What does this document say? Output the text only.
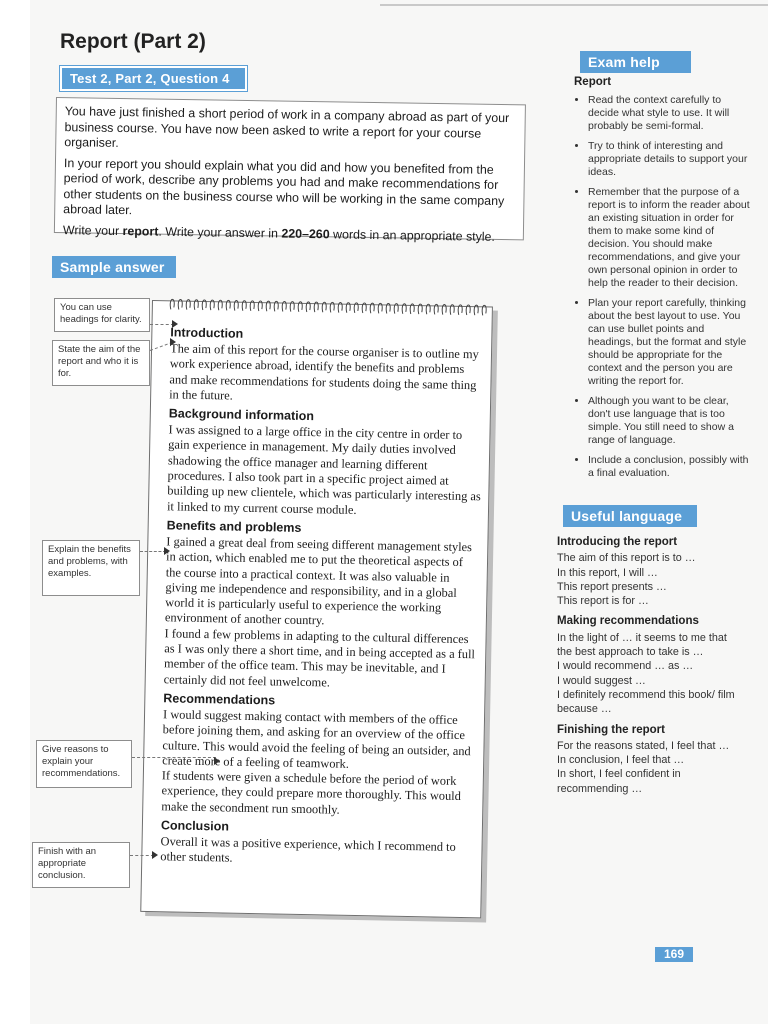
Report (Part 2)
Test 2, Part 2, Question 4

You have just finished a short period of work in a company abroad as part of your business course. You have now been asked to write a report for your course organiser.

In your report you should explain what you did and how you benefited from the period of work, describe any problems you had and make recommendations for other students on the business course who will be working in the same company abroad later.

Write your report. Write your answer in 220–260 words in an appropriate style.

Sample answer
Introduction

The aim of this report for the course organiser is to outline my work experience abroad, identify the benefits and problems and make recommendations for students doing the same thing in the future.

Background information

I was assigned to a large office in the city centre in order to gain experience in management. My daily duties involved shadowing the office manager and learning different procedures. I also took part in a specific project aimed at building up new clientele, which was particularly interesting as it linked to my current course module.

Benefits and problems

I gained a great deal from seeing different management styles in action, which enabled me to put the theoretical aspects of the course into a practical context. It was also valuable in giving me independence and responsibility, and in a global world it is particularly useful to experience the working environment of another country.

I found a few problems in adapting to the cultural differences as I was only there a short time, and in being accepted as a full member of the office team. This may be inevitable, and I certainly did not feel unwelcome.

Recommendations

I would suggest making contact with members of the office before joining them, and asking for an overview of the office culture. This would avoid the feeling of being an outsider, and create more of a feeling of teamwork.

If students were given a schedule before the period of work experience, they could prepare more thoroughly. This would make the secondment run smoothly.

Conclusion

Overall it was a positive experience, which I recommend to other students.

You can use headings for clarity.
State the aim of the report and who it is for.
Explain the benefits and problems, with examples.
Give reasons to explain your recommendations.
Finish with an appropriate conclusion.
Exam help
Report
• Read the context carefully to decide what style to use. It will probably be semi-formal.
• Try to think of interesting and appropriate details to support your ideas.
• Remember that the purpose of a report is to inform the reader about an existing situation in order for them to make some kind of decision. You should make recommendations, and give your own personal opinion in order to help the reader to their decision.
• Plan your report carefully, thinking about the best layout to use. You can use bullet points and headings, but the format and style should be appropriate for the context and the person you are writing the report for.
• Although you want to be clear, don't use language that is too simple. You still need to show a range of language.
• Include a conclusion, possibly with a final evaluation.
Useful language
Introducing the report
The aim of this report is to …
In this report, I will …
This report presents …
This report is for …
Making recommendations
In the light of … it seems to me that the best approach to take is …
I would recommend … as …
I would suggest …
I definitely recommend this book/ film because …
Finishing the report
For the reasons stated, I feel that …
In conclusion, I feel that …
In short, I feel confident in recommending …
169
